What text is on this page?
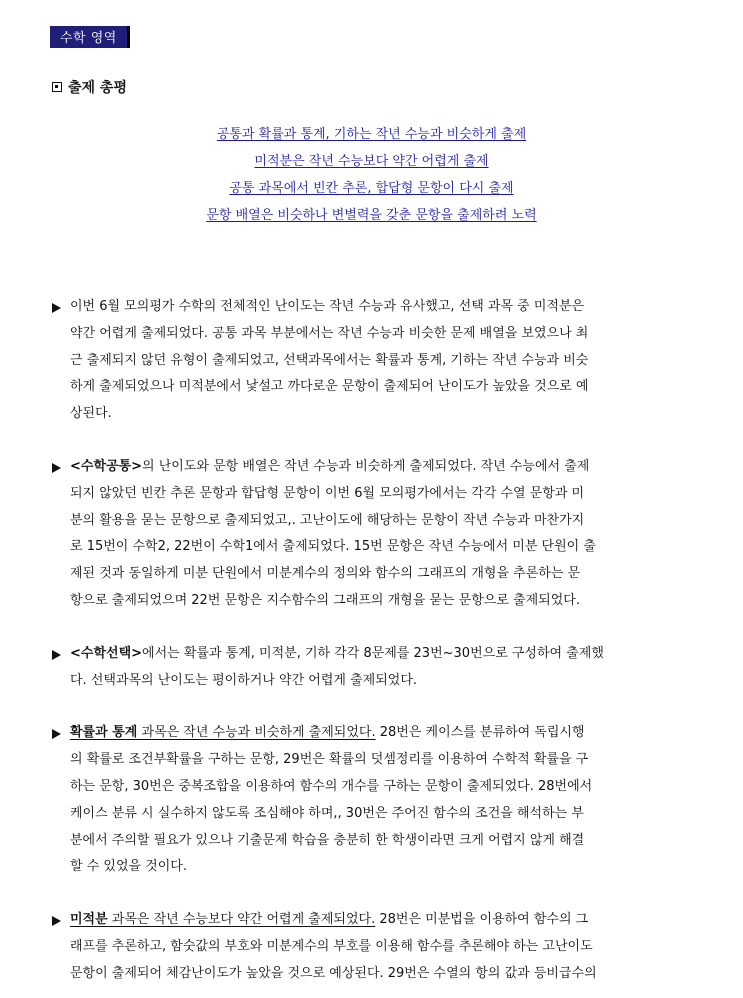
수학 영역
출제 총평
공통과 확률과 통계, 기하는 작년 수능과 비슷하게 출제
미적분은 작년 수능보다 약간 어렵게 출제
공통 과목에서 빈칸 추론, 합답형 문항이 다시 출제
문항 배열은 비슷하나 변별력을 갖춘 문항을 출제하려 노력
이번 6월 모의평가 수학의 전체적인 난이도는 작년 수능과 유사했고, 선택 과목 중 미적분은
약간 어렵게 출제되었다. 공통 과목 부분에서는 작년 수능과 비슷한 문제 배열을 보였으나 최
근 출제되지 않던 유형이 출제되었고, 선택과목에서는 확률과 통계, 기하는 작년 수능과 비슷
하게 출제되었으나 미적분에서 낯설고 까다로운 문항이 출제되어 난이도가 높았을 것으로 예
상된다.
<수학공통>의 난이도와 문항 배열은 작년 수능과 비슷하게 출제되었다. 작년 수능에서 출제
되지 않았던 빈칸 추론 문항과 합답형 문항이 이번 6월 모의평가에서는 각각 수열 문항과 미
분의 활용을 묻는 문항으로 출제되었고,. 고난이도에 해당하는 문항이 작년 수능과 마찬가지
로 15번이 수학2, 22번이 수학1에서 출제되었다. 15번 문항은 작년 수능에서 미분 단원이 출
제된 것과 동일하게 미분 단원에서 미분계수의 정의와 함수의 그래프의 개형을 추론하는 문
항으로 출제되었으며 22번 문항은 지수함수의 그래프의 개형을 묻는 문항으로 출제되었다.
<수학선택>에서는 확률과 통계, 미적분, 기하 각각 8문제를 23번~30번으로 구성하여 출제했
다. 선택과목의 난이도는 평이하거나 약간 어렵게 출제되었다.
확률과 통계 과목은 작년 수능과 비슷하게 출제되었다. 28번은 케이스를 분류하여 독립시행
의 확률로 조건부확률을 구하는 문항, 29번은 확률의 덧셈정리를 이용하여 수학적 확률을 구
하는 문항, 30번은 중복조합을 이용하여 함수의 개수를 구하는 문항이 출제되었다. 28번에서
케이스 분류 시 실수하지 않도록 조심해야 하며,, 30번은 주어진 함수의 조건을 해석하는 부
분에서 주의할 필요가 있으나 기출문제 학습을 충분히 한 학생이라면 크게 어렵지 않게 해결
할 수 있었을 것이다.
미적분 과목은 작년 수능보다 약간 어렵게 출제되었다. 28번은 미분법을 이용하여 함수의 그
래프를 추론하고, 함숫값의 부호와 미분계수의 부호를 이용해 함수를 추론해야 하는 고난이도
문항이 출제되어 체감난이도가 높았을 것으로 예상된다. 29번은 수열의 항의 값과 등비급수의
